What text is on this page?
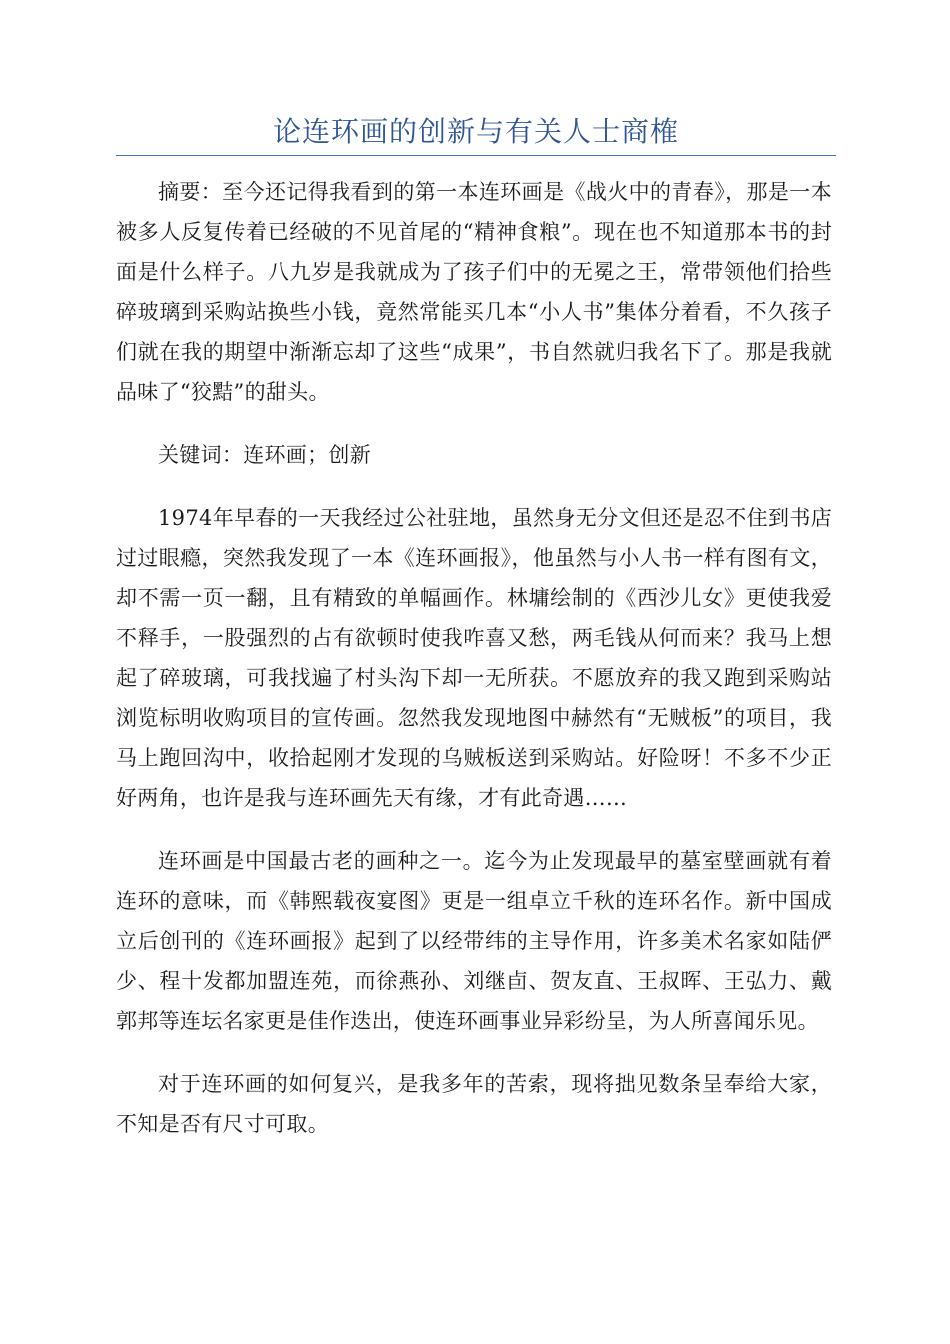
论连环画的创新与有关人士商榷

摘要：至今还记得我看到的第一本连环画是《战火中的青春》，那是一本被多人反复传着已经破的不见首尾的“精神食粮”。现在也不知道那本书的封面是什么样子。八九岁是我就成为了孩子们中的无冕之王，常带领他们拾些碎玻璃到采购站换些小钱，竟然常能买几本“小人书”集体分着看，不久孩子们就在我的期望中渐渐忘却了这些“成果”，书自然就归我名下了。那是我就品味了“狡黠”的甜头。

关键词：连环画；创新

1974年早春的一天我经过公社驻地，虽然身无分文但还是忍不住到书店过过眼瘾，突然我发现了一本《连环画报》，他虽然与小人书一样有图有文，却不需一页一翻，且有精致的单幅画作。林墉绘制的《西沙儿女》更使我爱不释手，一股强烈的占有欲顿时使我咋喜又愁，两毛钱从何而来？我马上想起了碎玻璃，可我找遍了村头沟下却一无所获。不愿放弃的我又跑到采购站浏览标明收购项目的宣传画。忽然我发现地图中赫然有“无贼板”的项目，我马上跑回沟中，收拾起刚才发现的乌贼板送到采购站。好险呀！不多不少正好两角，也许是我与连环画先天有缘，才有此奇遇……

连环画是中国最古老的画种之一。迄今为止发现最早的墓室壁画就有着连环的意味，而《韩熙载夜宴图》更是一组卓立千秋的连环名作。新中国成立后创刊的《连环画报》起到了以经带纬的主导作用，许多美术名家如陆俨少、程十发都加盟连苑，而徐燕孙、刘继卣、贺友直、王叔晖、王弘力、戴郭邦等连坛名家更是佳作迭出，使连环画事业异彩纷呈，为人所喜闻乐见。

对于连环画的如何复兴，是我多年的苦索，现将拙见数条呈奉给大家，不知是否有尺寸可取。
